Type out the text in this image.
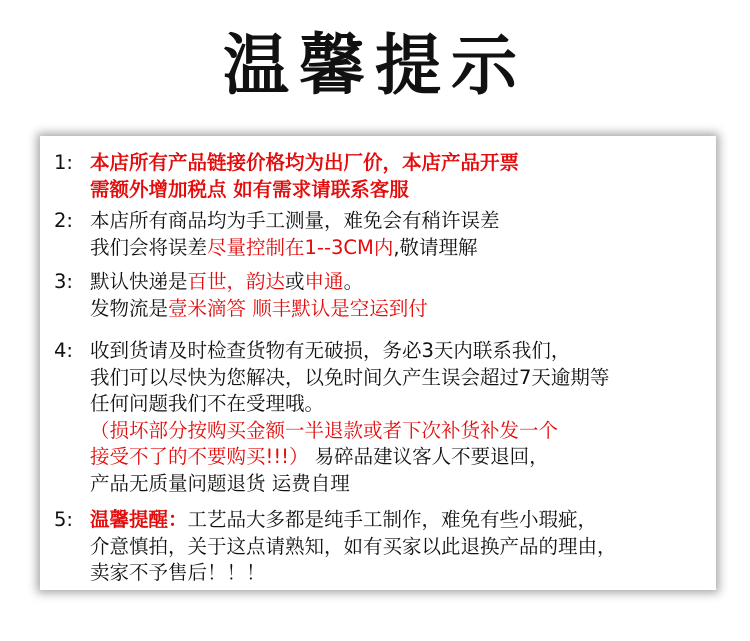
温馨提示
1: 本店所有产品链接价格均为出厂价，本店产品开票
需额外增加税点 如有需求请联系客服
2: 本店所有商品均为手工测量，难免会有稍许误差
我们会将误差尽量控制在1--3CM内,敬请理解
3: 默认快递是百世，韵达或申通。
发物流是壹米滴答 顺丰默认是空运到付
4: 收到货请及时检查货物有无破损，务必3天内联系我们，
我们可以尽快为您解决，以免时间久产生误会超过7天逾期等
任何问题我们不在受理哦。
（损坏部分按购买金额一半退款或者下次补货补发一个
接受不了的不要购买!!!） 易碎品建议客人不要退回，
产品无质量问题退货 运费自理
5: 温馨提醒：工艺品大多都是纯手工制作，难免有些小瑕疵，
介意慎拍，关于这点请熟知，如有买家以此退换产品的理由，
卖家不予售后！！！
